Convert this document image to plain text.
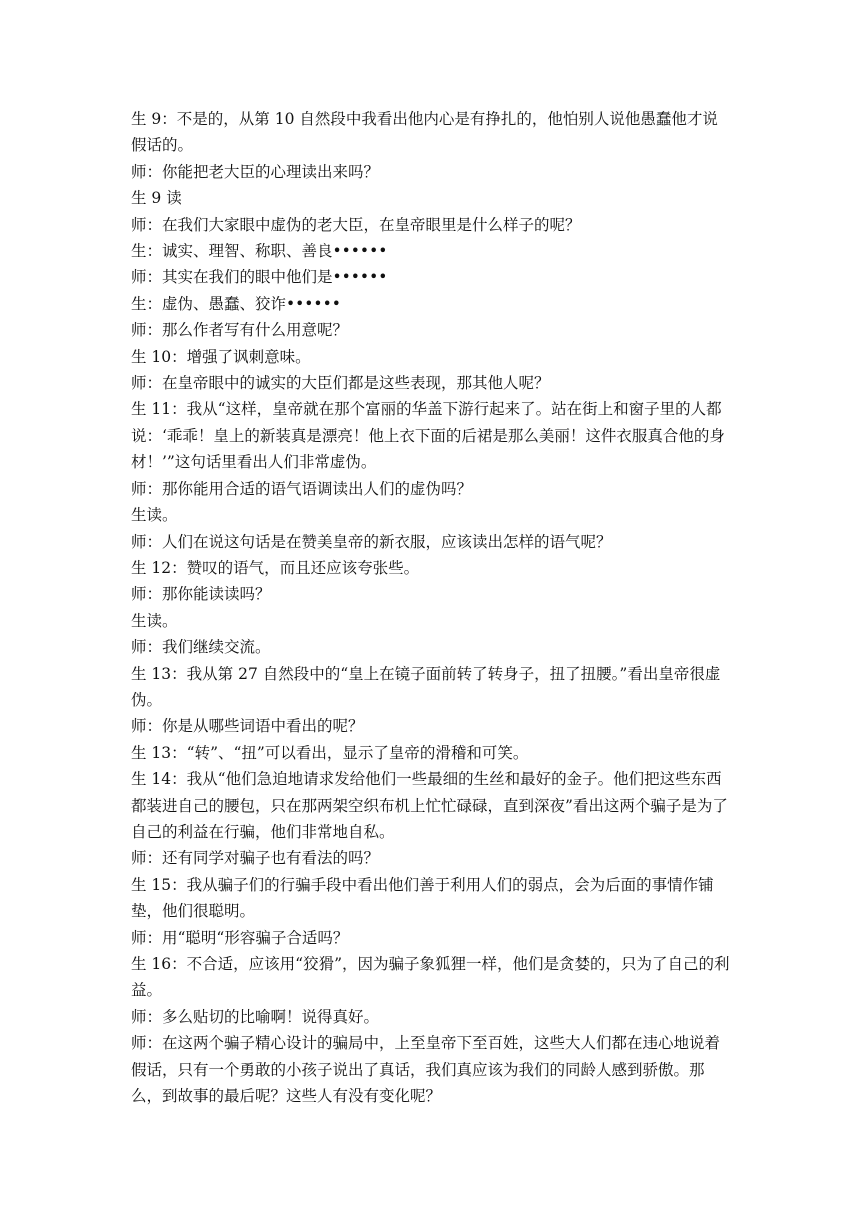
生 9：不是的，从第 10 自然段中我看出他内心是有挣扎的，他怕别人说他愚蠢他才说假话的。

师：你能把老大臣的心理读出来吗？

生 9 读

师：在我们大家眼中虚伪的老大臣，在皇帝眼里是什么样子的呢？

生：诚实、理智、称职、善良••••••

师：其实在我们的眼中他们是••••••

生：虚伪、愚蠢、狡诈••••••

师：那么作者写有什么用意呢？

生 10：增强了讽刺意味。

师：在皇帝眼中的诚实的大臣们都是这些表现，那其他人呢？

生 11：我从“这样，皇帝就在那个富丽的华盖下游行起来了。站在街上和窗子里的人都说：‘乖乖！皇上的新装真是漂亮！他上衣下面的后裙是那么美丽！这件衣服真合他的身材！’”这句话里看出人们非常虚伪。

师：那你能用合适的语气语调读出人们的虚伪吗？

生读。

师：人们在说这句话是在赞美皇帝的新衣服，应该读出怎样的语气呢？

生 12：赞叹的语气，而且还应该夸张些。

师：那你能读读吗？

生读。

师：我们继续交流。

生 13：我从第 27 自然段中的“皇上在镜子面前转了转身子，扭了扭腰。”看出皇帝很虚伪。

师：你是从哪些词语中看出的呢？

生 13：“转”、“扭”可以看出，显示了皇帝的滑稽和可笑。

生 14：我从“他们急迫地请求发给他们一些最细的生丝和最好的金子。他们把这些东西都装进自己的腰包，只在那两架空织布机上忙忙碌碌，直到深夜”看出这两个骗子是为了自己的利益在行骗，他们非常地自私。

师：还有同学对骗子也有看法的吗？

生 15：我从骗子们的行骗手段中看出他们善于利用人们的弱点，会为后面的事情作铺垫，他们很聪明。

师：用“聪明“形容骗子合适吗？

生 16：不合适，应该用“狡猾”，因为骗子象狐狸一样，他们是贪婪的，只为了自己的利益。

师：多么贴切的比喻啊！说得真好。

师：在这两个骗子精心设计的骗局中，上至皇帝下至百姓，这些大人们都在违心地说着假话，只有一个勇敢的小孩子说出了真话，我们真应该为我们的同龄人感到骄傲。那么，到故事的最后呢？这些人有没有变化呢？
